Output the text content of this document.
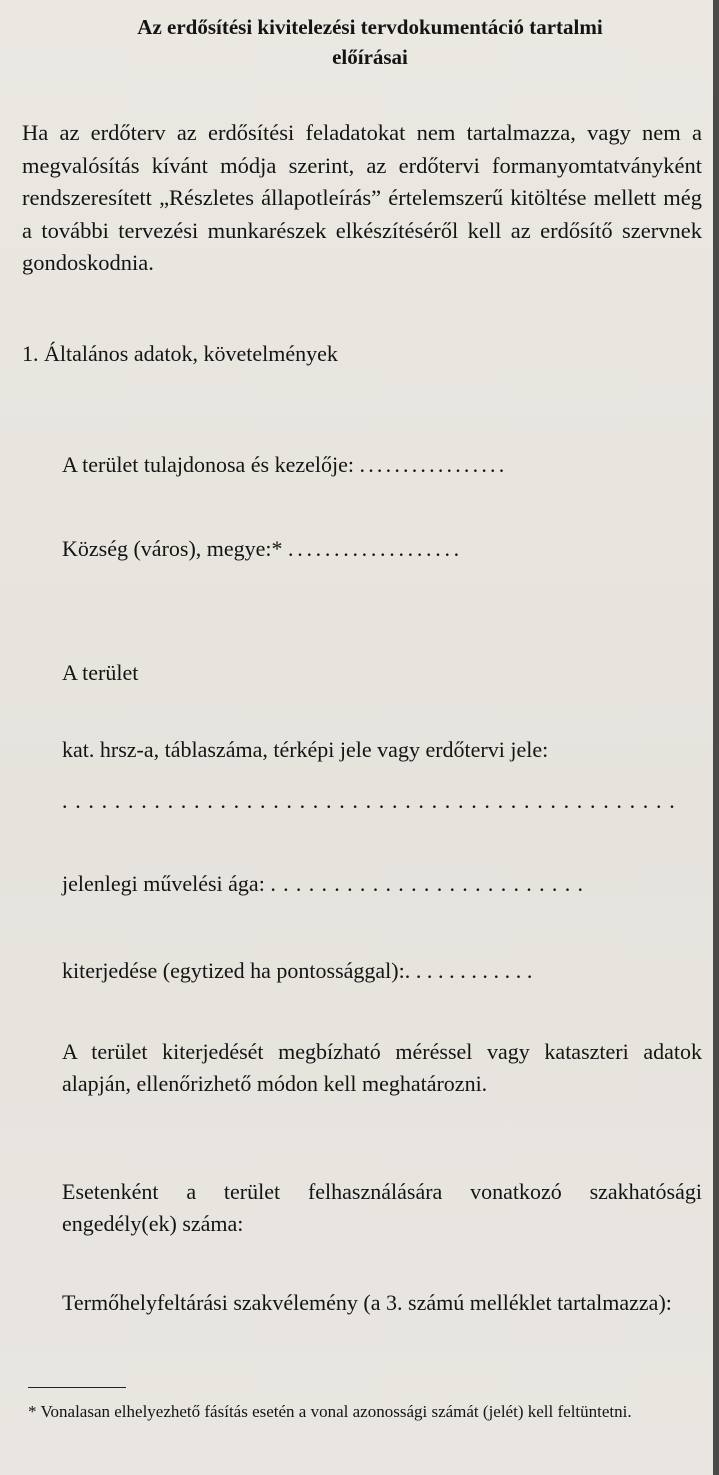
Az erdősítési kivitelezési tervdokumentáció tartalmi
előírásai
Ha az erdőterv az erdősítési feladatokat nem tartalmazza, vagy nem a megvalósítás kívánt módja szerint, az erdőtervi formanyomtatványként rendszeresített „Részletes állapotleírás” értelemszerű kitöltése mellett még a további tervezési munkarészek elkészítéséről kell az erdősítő szervnek gondoskodnia.
1. Általános adatok, követelmények
A terület tulajdonosa és kezelője: .................
Község (város), megye:* ...................
A terület
kat. hrsz-a, táblaszáma, térképi jele vagy erdőtervi jele:
...............................................
jelenlegi művelési ága: .........................
kiterjedése (egytized ha pontossággal):............
A terület kiterjedését megbízható méréssel vagy kataszteri adatok alapján, ellenőrizhető módon kell meghatározni.
Esetenként a terület felhasználására vonatkozó szakhatósági engedély(ek) száma:
Termőhelyfeltárási szakvélemény (a 3. számú melléklet tartalmazza):
* Vonalasan elhelyezhető fásítás esetén a vonal azonossági számát (jelét) kell feltüntetni.
